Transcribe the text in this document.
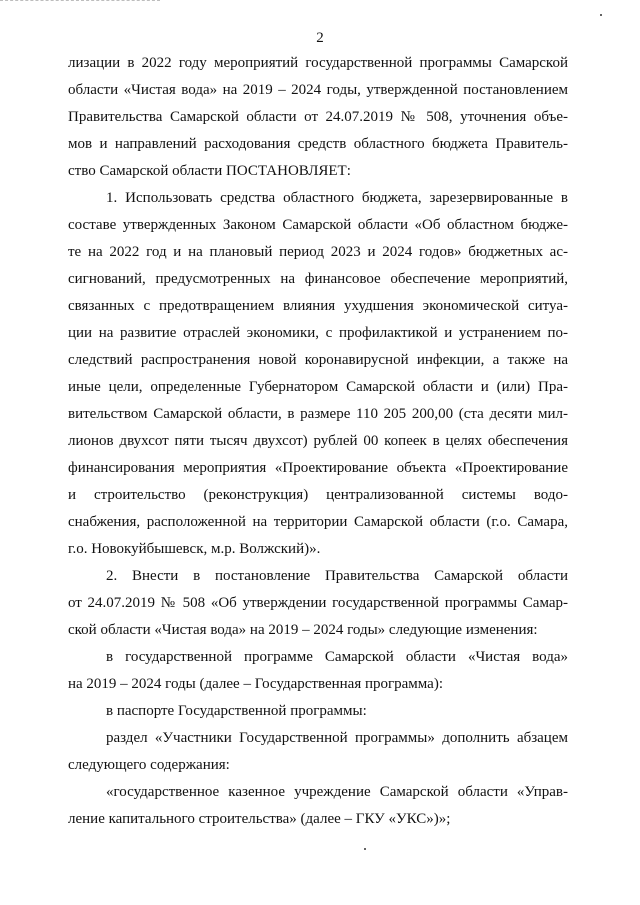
2
лизации в 2022 году мероприятий государственной программы Самарской
области «Чистая вода» на 2019 – 2024 годы, утвержденной постановлением
Правительства Самарской области от 24.07.2019 № 508, уточнения объе-
мов и направлений расходования средств областного бюджета Правитель-
ство Самарской области ПОСТАНОВЛЯЕТ:
1. Использовать средства областного бюджета, зарезервированные в
составе утвержденных Законом Самарской области «Об областном бюдже-
те на 2022 год и на плановый период 2023 и 2024 годов» бюджетных ас-
сигнований, предусмотренных на финансовое обеспечение мероприятий,
связанных с предотвращением влияния ухудшения экономической ситуа-
ции на развитие отраслей экономики, с профилактикой и устранением по-
следствий распространения новой коронавирусной инфекции, а также на
иные цели, определенные Губернатором Самарской области и (или) Пра-
вительством Самарской области, в размере 110 205 200,00 (ста десяти мил-
лионов двухсот пяти тысяч двухсот) рублей 00 копеек в целях обеспечения
финансирования мероприятия «Проектирование объекта «Проектирование
и строительство (реконструкция) централизованной системы водо-
снабжения, расположенной на территории Самарской области (г.о. Самара,
г.о. Новокуйбышевск, м.р. Волжский)».
2. Внести в постановление Правительства Самарской области
от 24.07.2019 № 508 «Об утверждении государственной программы Самар-
ской области «Чистая вода» на 2019 – 2024 годы» следующие изменения:
в государственной программе Самарской области «Чистая вода»
на 2019 – 2024 годы (далее – Государственная программа):
в паспорте Государственной программы:
раздел «Участники Государственной программы» дополнить абзацем
следующего содержания:
«государственное казенное учреждение Самарской области «Управ-
ление капитального строительства» (далее – ГКУ «УКС»)»;
